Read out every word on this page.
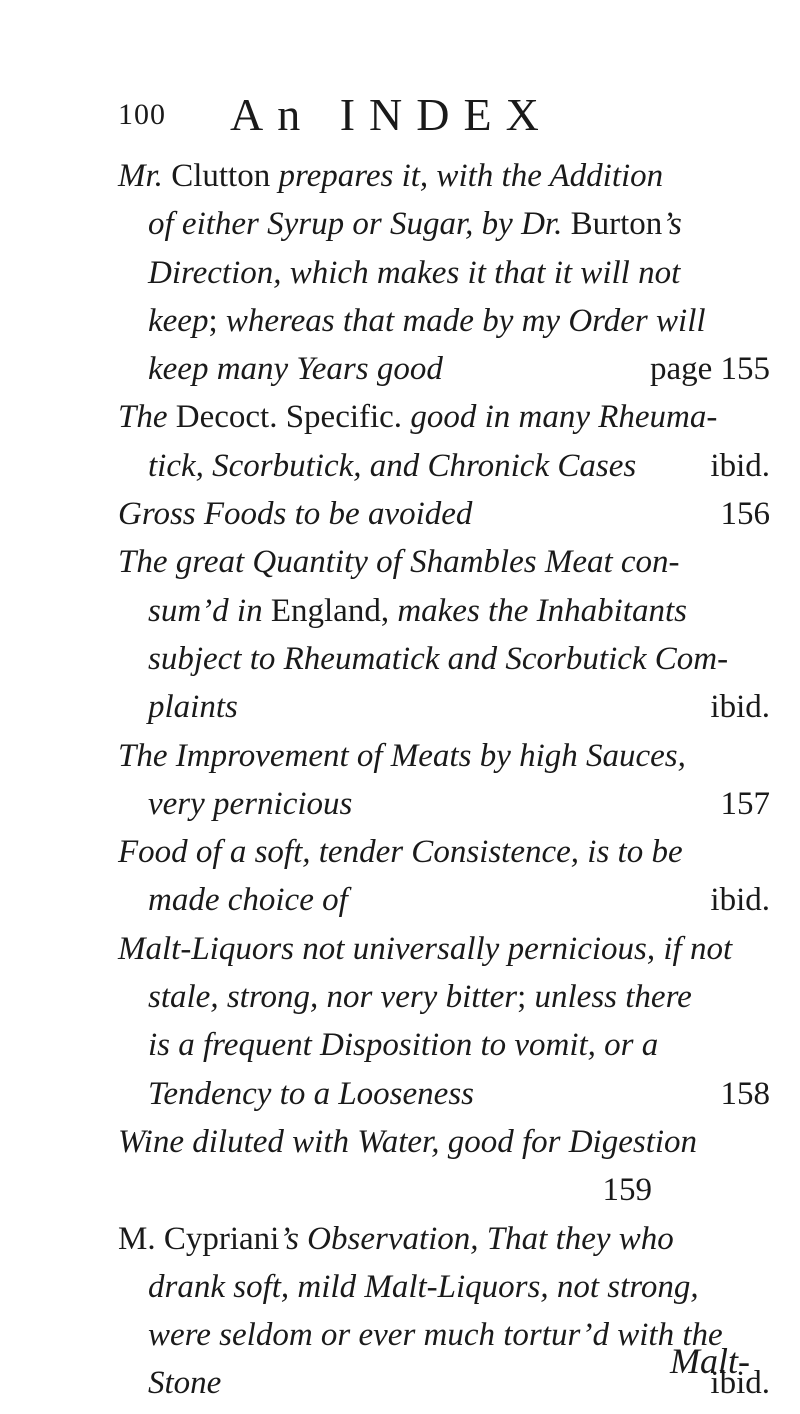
100 An INDEX
Mr. Clutton prepares it, with the Addition
of either Syrup or Sugar, by Dr. Burton’s
Direction, which makes it that it will not
keep; whereas that made by my Order will
keep many Years good	page 155
The Decoct. Specific. good in many Rheuma-
tick, Scorbutick, and Chronick Cases	ibid.
Gross Foods to be avoided	156
The great Quantity of Shambles Meat con-
sum’d in England, makes the Inhabitants
subject to Rheumatick and Scorbutick Com-
plaints	ibid.
The Improvement of Meats by high Sauces,
very pernicious	157
Food of a soft, tender Consistence, is to be
made choice of	ibid.
Malt-Liquors not universally pernicious, if not
stale, strong, nor very bitter; unless there
is a frequent Disposition to vomit, or a
Tendency to a Looseness	158
Wine diluted with Water, good for Digestion
159
M. Cypriani’s Observation, That they who
drank soft, mild Malt-Liquors, not strong,
were seldom or ever much tortur’d with the
Stone	ibid.
Malt-
